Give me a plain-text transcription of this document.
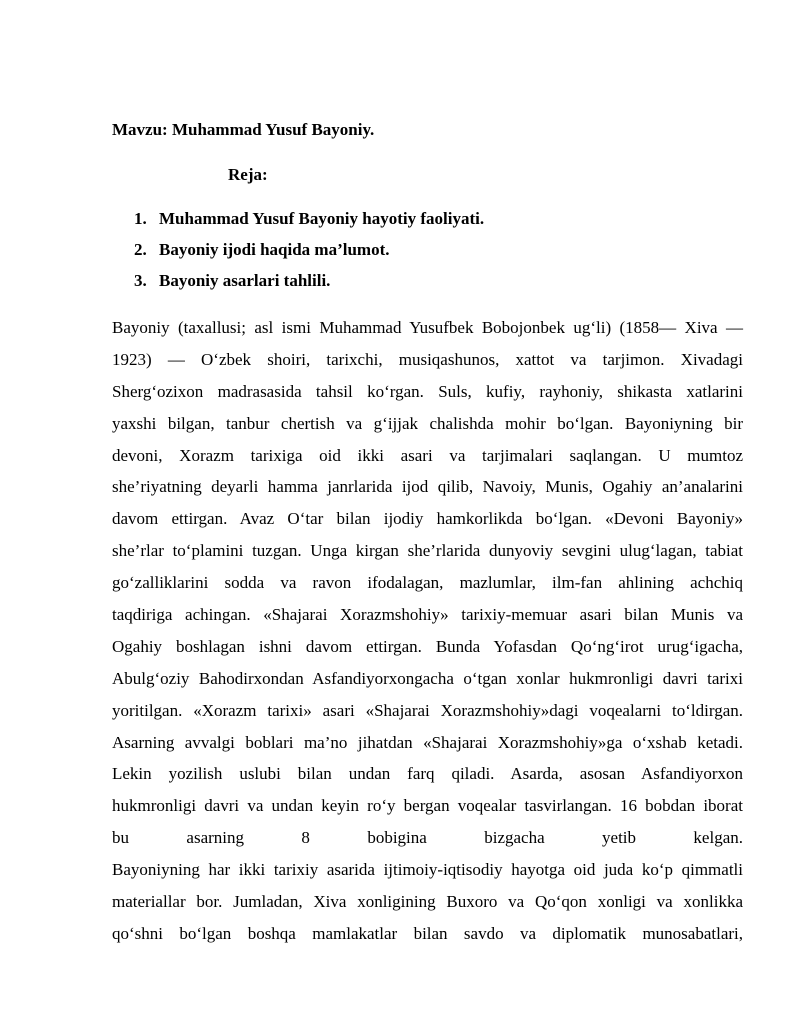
Mavzu: Muhammad Yusuf Bayoniy.
Reja:
1. Muhammad Yusuf Bayoniy hayotiy faoliyati.
2. Bayoniy ijodi haqida ma’lumot.
3. Bayoniy asarlari tahlili.
Bayoniy (taxallusi; asl ismi Muhammad Yusufbek Bobojonbek ug‘li) (1858— Xiva —
1923) — O‘zbek shoiri, tarixchi, musiqashunos, xattot va tarjimon. Xivadagi
Sherg‘ozixon madrasasida tahsil ko‘rgan. Suls, kufiy, rayhoniy, shikasta xatlarini
yaxshi bilgan, tanbur chertish va g‘ijjak chalishda mohir bo‘lgan. Bayoniyning bir
devoni, Xorazm tarixiga oid ikki asari va tarjimalari saqlangan. U mumtoz
she’riyatning deyarli hamma janrlarida ijod qilib, Navoiy, Munis, Ogahiy an’analarini
davom ettirgan. Avaz O‘tar bilan ijodiy hamkorlikda bo‘lgan. «Devoni Bayoniy»
she’rlar to‘plamini tuzgan. Unga kirgan she’rlarida dunyoviy sevgini ulug‘lagan, tabiat
go‘zalliklarini sodda va ravon ifodalagan, mazlumlar, ilm-fan ahlining achchiq
taqdiriga achingan. «Shajarai Xorazmshohiy» tarixiy-memuar asari bilan Munis va
Ogahiy boshlagan ishni davom ettirgan. Bunda Yofasdan Qo‘ng‘irot urug‘igacha,
Abulg‘oziy Bahodirxondan Asfandiyorxongacha o‘tgan xonlar hukmronligi davri tarixi
yoritilgan. «Xorazm tarixi» asari «Shajarai Xorazmshohiy»dagi voqealarni to‘ldirgan.
Asarning avvalgi boblari ma’no jihatdan «Shajarai Xorazmshohiy»ga o‘xshab ketadi.
Lekin yozilish uslubi bilan undan farq qiladi. Asarda, asosan Asfandiyorxon
hukmronligi davri va undan keyin ro‘y bergan voqealar tasvirlangan. 16 bobdan iborat
bu asarning 8 bobigina bizgacha yetib kelgan.
Bayoniyning har ikki tarixiy asarida ijtimoiy-iqtisodiy hayotga oid juda ko‘p qimmatli
materiallar bor. Jumladan, Xiva xonligining Buxoro va Qo‘qon xonligi va xonlikka
qo‘shni bo‘lgan boshqa mamlakatlar bilan savdo va diplomatik munosabatlari,
